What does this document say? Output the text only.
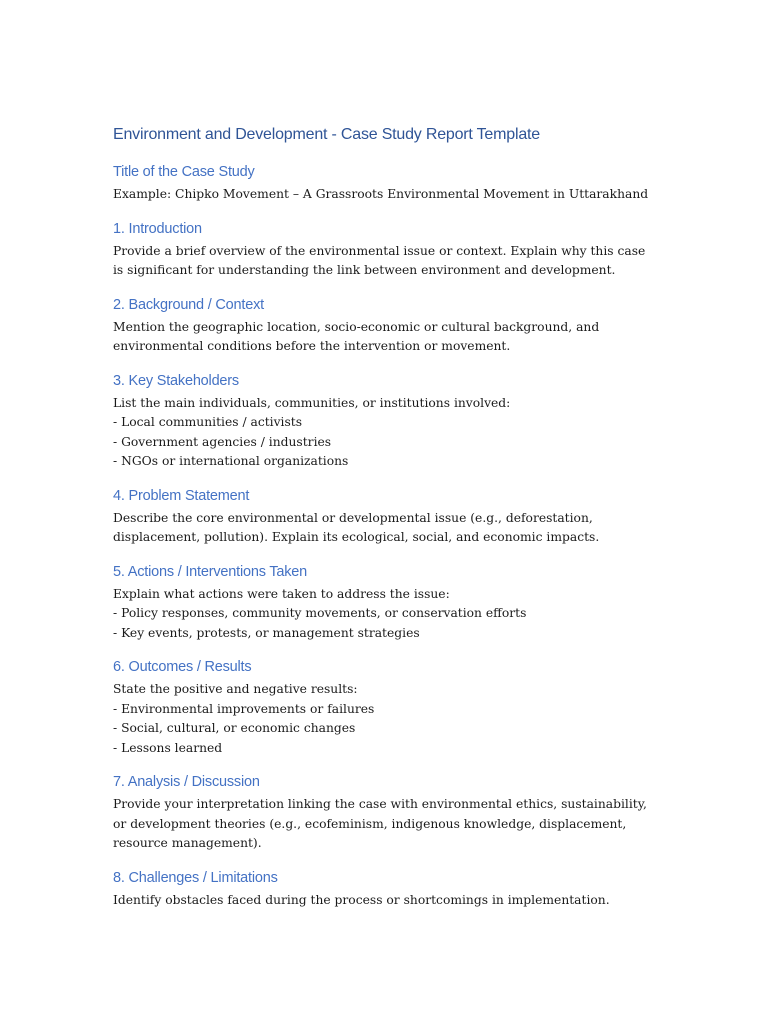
Environment and Development - Case Study Report Template
Title of the Case Study

Example: Chipko Movement – A Grassroots Environmental Movement in Uttarakhand

1. Introduction

Provide a brief overview of the environmental issue or context. Explain why this case is significant for understanding the link between environment and development.

2. Background / Context

Mention the geographic location, socio-economic or cultural background, and environmental conditions before the intervention or movement.

3. Key Stakeholders
List the main individuals, communities, or institutions involved:
- Local communities / activists
- Government agencies / industries
- NGOs or international organizations
4. Problem Statement

Describe the core environmental or developmental issue (e.g., deforestation, displacement, pollution). Explain its ecological, social, and economic impacts.

5. Actions / Interventions Taken
Explain what actions were taken to address the issue:
- Policy responses, community movements, or conservation efforts
- Key events, protests, or management strategies
6. Outcomes / Results
State the positive and negative results:
- Environmental improvements or failures
- Social, cultural, or economic changes
- Lessons learned
7. Analysis / Discussion

Provide your interpretation linking the case with environmental ethics, sustainability, or development theories (e.g., ecofeminism, indigenous knowledge, displacement, resource management).

8. Challenges / Limitations

Identify obstacles faced during the process or shortcomings in implementation.
